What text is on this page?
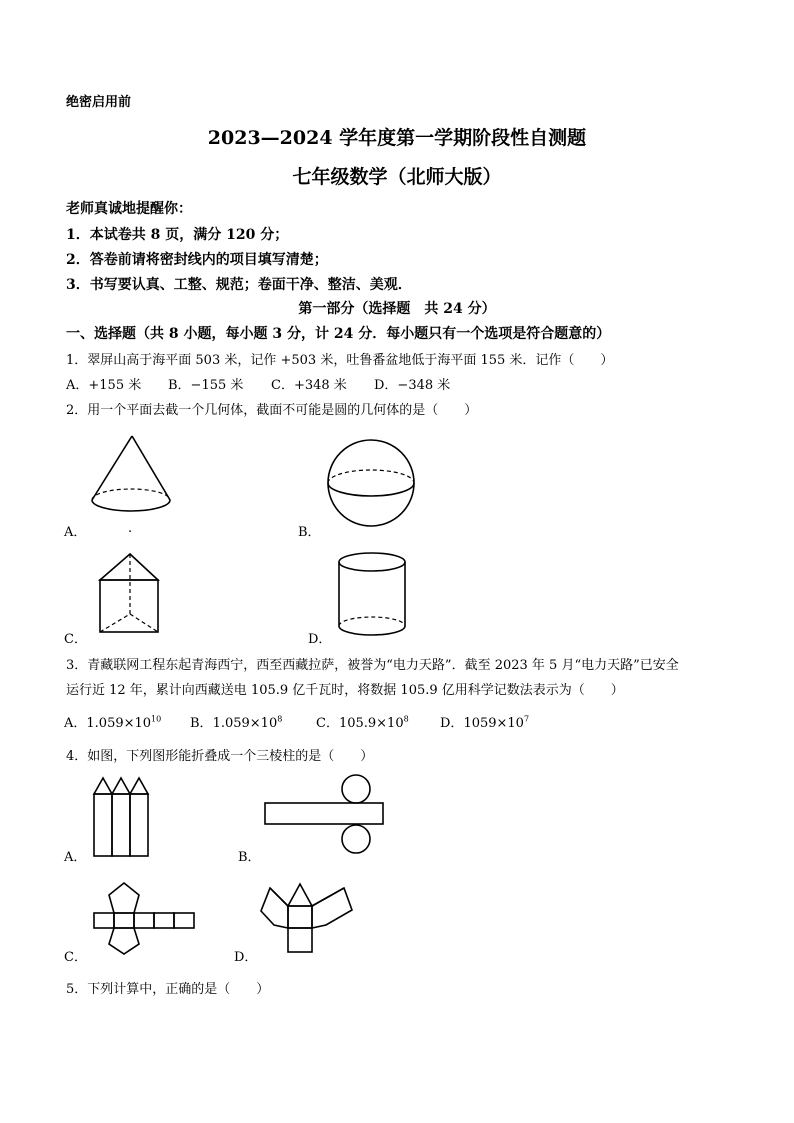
绝密启用前
2023—2024 学年度第一学期阶段性自测题
七年级数学（北师大版）
老师真诚地提醒你：
1．本试卷共 8 页，满分 120 分；
2．答卷前请将密封线内的项目填写清楚；
3．书写要认真、工整、规范；卷面干净、整洁、美观．
第一部分（选择题　共 24 分）
一、选择题（共 8 小题，每小题 3 分，计 24 分．每小题只有一个选项是符合题意的）
1．翠屏山高于海平面 503 米，记作 +503 米，吐鲁番盆地低于海平面 155 米．记作（　　）
A．+155 米 B．−155 米 C．+348 米 D．−348 米
2．用一个平面去截一个几何体，截面不可能是圆的几何体的是（　　）
A．	.	B．
C．	D．
3．青藏联网工程东起青海西宁，西至西藏拉萨，被誉为“电力天路”．截至 2023 年 5 月“电力天路”已安全
运行近 12 年，累计向西藏送电 105.9 亿千瓦时，将数据 105.9 亿用科学记数法表示为（　　）
A．$1.059\times 10^{10}$ B．$1.059\times 10^8$	C．$105.9\times 10^8$ D．$1059\times 10^7$
4．如图，下列图形能折叠成一个三棱柱的是（　　）
A．	B．
C．	D．
5．下列计算中，正确的是（　　）
